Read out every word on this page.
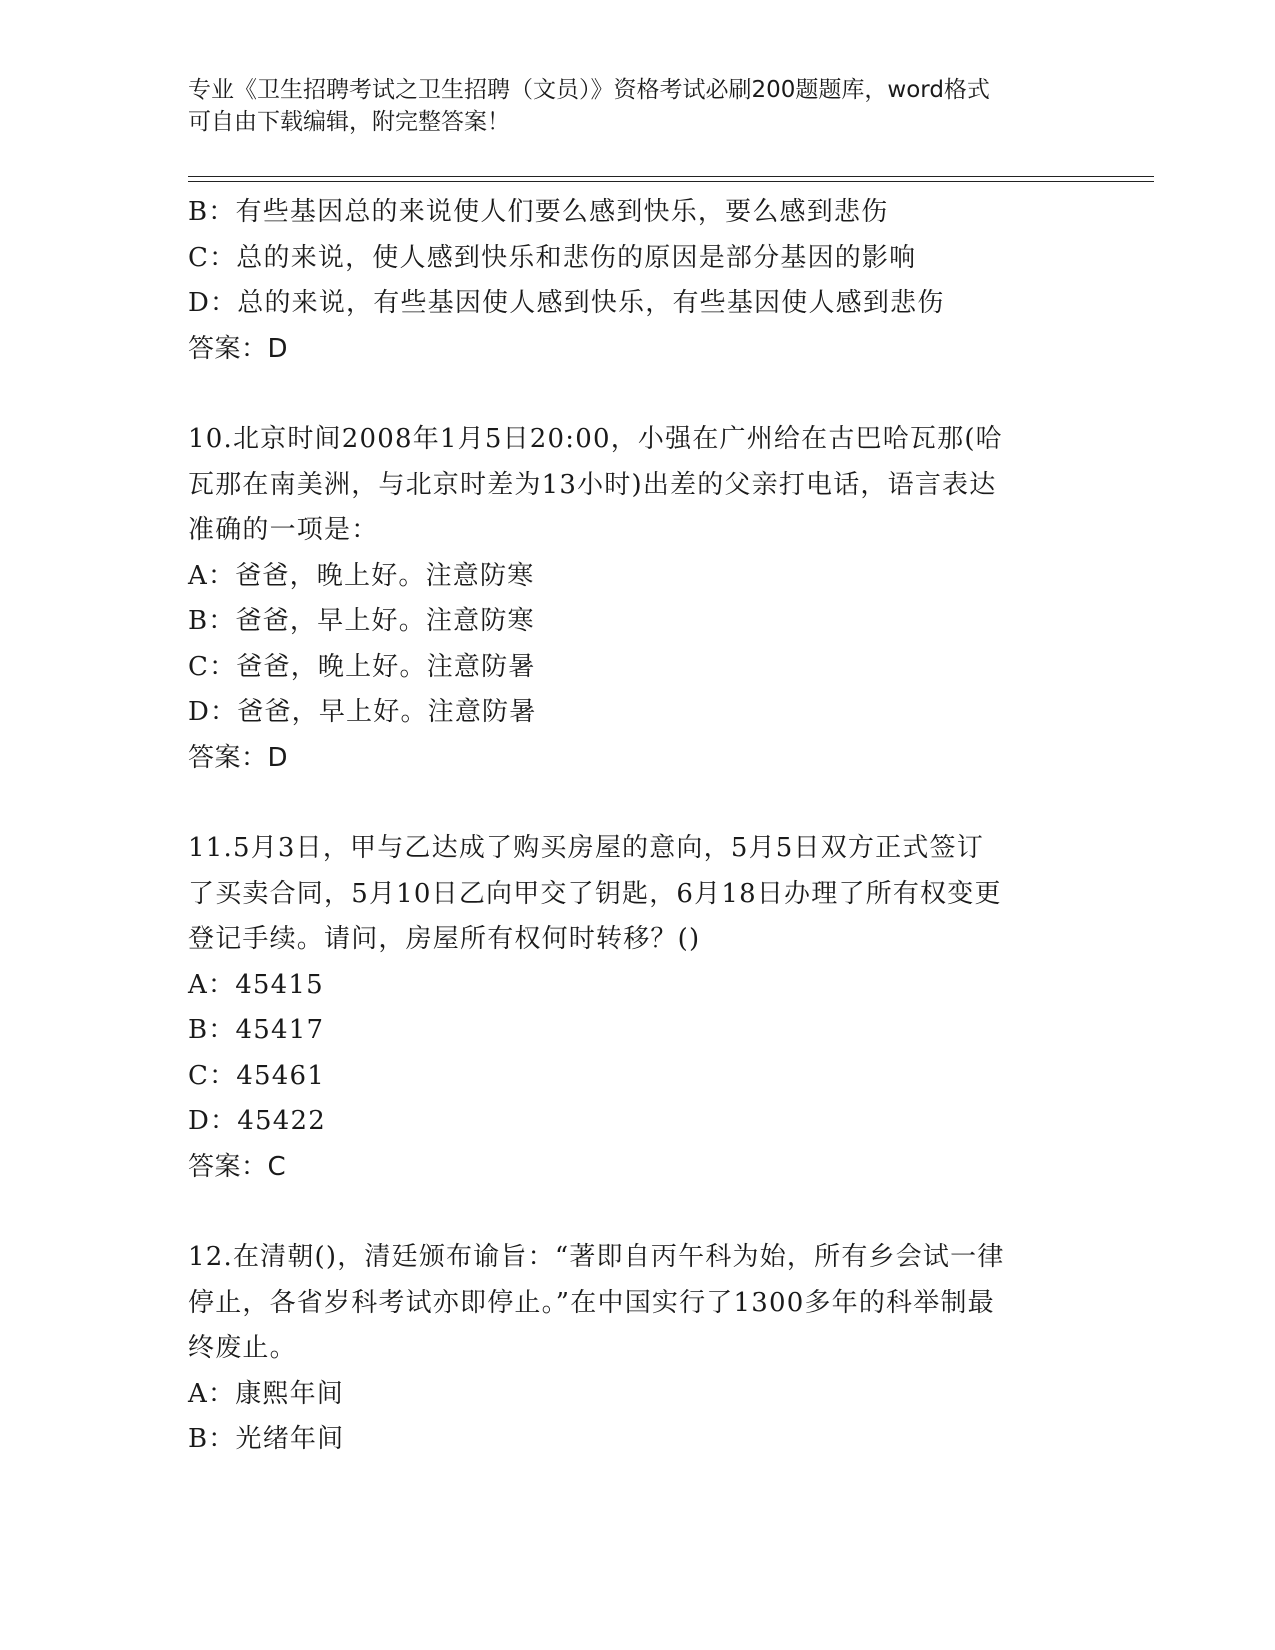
专业《卫生招聘考试之卫生招聘（文员）》资格考试必刷200题题库，word格式
可自由下载编辑，附完整答案！
B：有些基因总的来说使人们要么感到快乐，要么感到悲伤
C：总的来说，使人感到快乐和悲伤的原因是部分基因的影响
D：总的来说，有些基因使人感到快乐，有些基因使人感到悲伤
答案：D
10.北京时间2008年1月5日20:00，小强在广州给在古巴哈瓦那(哈
瓦那在南美洲，与北京时差为13小时)出差的父亲打电话，语言表达
准确的一项是：
A：爸爸，晚上好。注意防寒
B：爸爸，早上好。注意防寒
C：爸爸，晚上好。注意防暑
D：爸爸，早上好。注意防暑
答案：D
11.5月3日，甲与乙达成了购买房屋的意向，5月5日双方正式签订
了买卖合同，5月10日乙向甲交了钥匙，6月18日办理了所有权变更
登记手续。请问，房屋所有权何时转移？()
A：45415
B：45417
C：45461
D：45422
答案：C
12.在清朝()，清廷颁布谕旨：“著即自丙午科为始，所有乡会试一律
停止，各省岁科考试亦即停止。”在中国实行了1300多年的科举制最
终废止。
A：康熙年间
B：光绪年间
